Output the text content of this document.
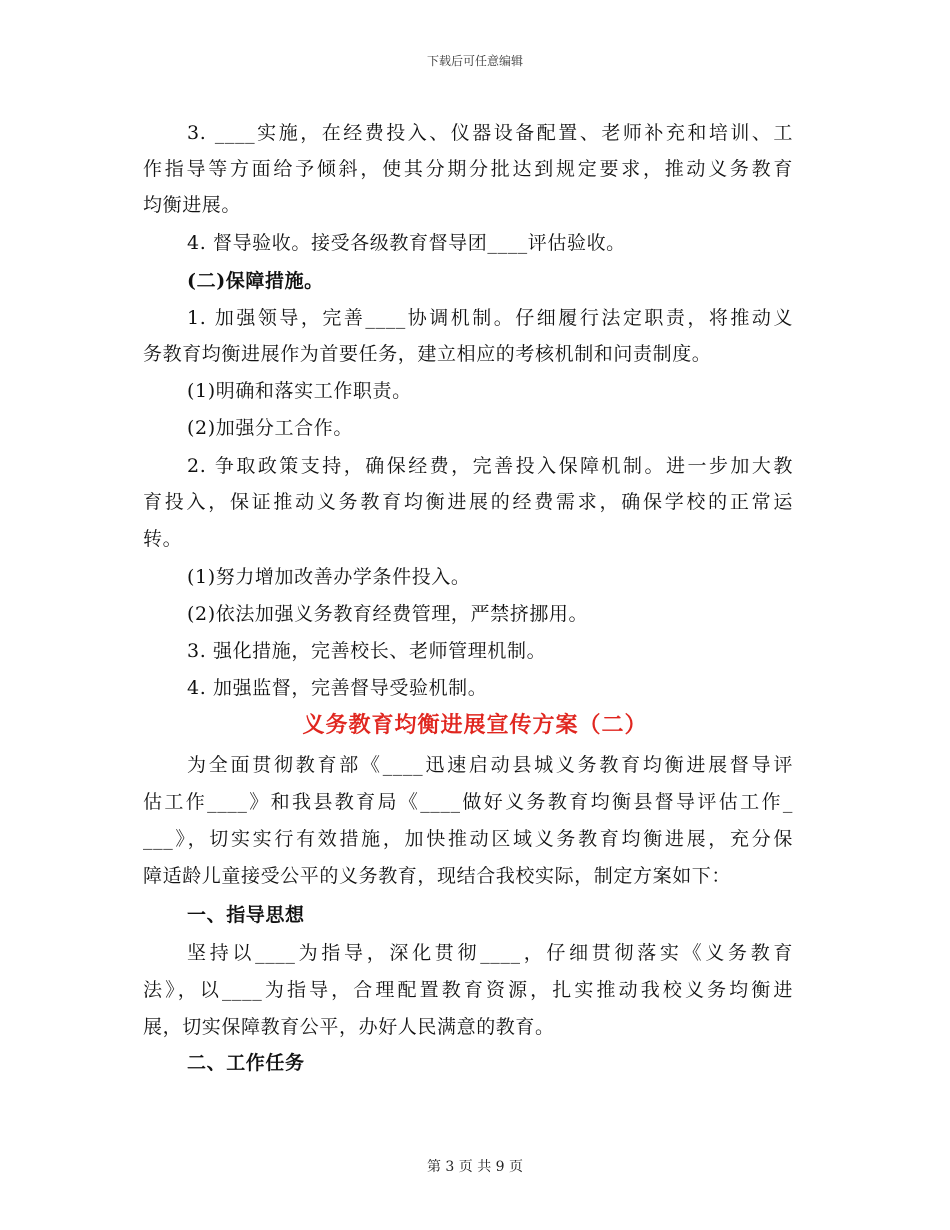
下载后可任意编辑
3. ____实施，在经费投入、仪器设备配置、老师补充和培训、工
作指导等方面给予倾斜，使其分期分批达到规定要求，推动义务教育
均衡进展。
4. 督导验收。接受各级教育督导团____评估验收。
(二)保障措施。
1. 加强领导，完善____协调机制。仔细履行法定职责，将推动义
务教育均衡进展作为首要任务，建立相应的考核机制和问责制度。
(1)明确和落实工作职责。
(2)加强分工合作。
2. 争取政策支持，确保经费，完善投入保障机制。进一步加大教
育投入，保证推动义务教育均衡进展的经费需求，确保学校的正常运
转。
(1)努力增加改善办学条件投入。
(2)依法加强义务教育经费管理，严禁挤挪用。
3. 强化措施，完善校长、老师管理机制。
4. 加强监督，完善督导受验机制。
义务教育均衡进展宣传方案（二）
为全面贯彻教育部《____迅速启动县城义务教育均衡进展督导评
估工作____》和我县教育局《____做好义务教育均衡县督导评估工作_
___》，切实实行有效措施，加快推动区域义务教育均衡进展，充分保
障适龄儿童接受公平的义务教育，现结合我校实际，制定方案如下：
一、指导思想
坚持以____为指导，深化贯彻____，仔细贯彻落实《义务教育
法》，以____为指导，合理配置教育资源，扎实推动我校义务均衡进
展，切实保障教育公平，办好人民满意的教育。
二、工作任务
第 3 页 共 9 页
